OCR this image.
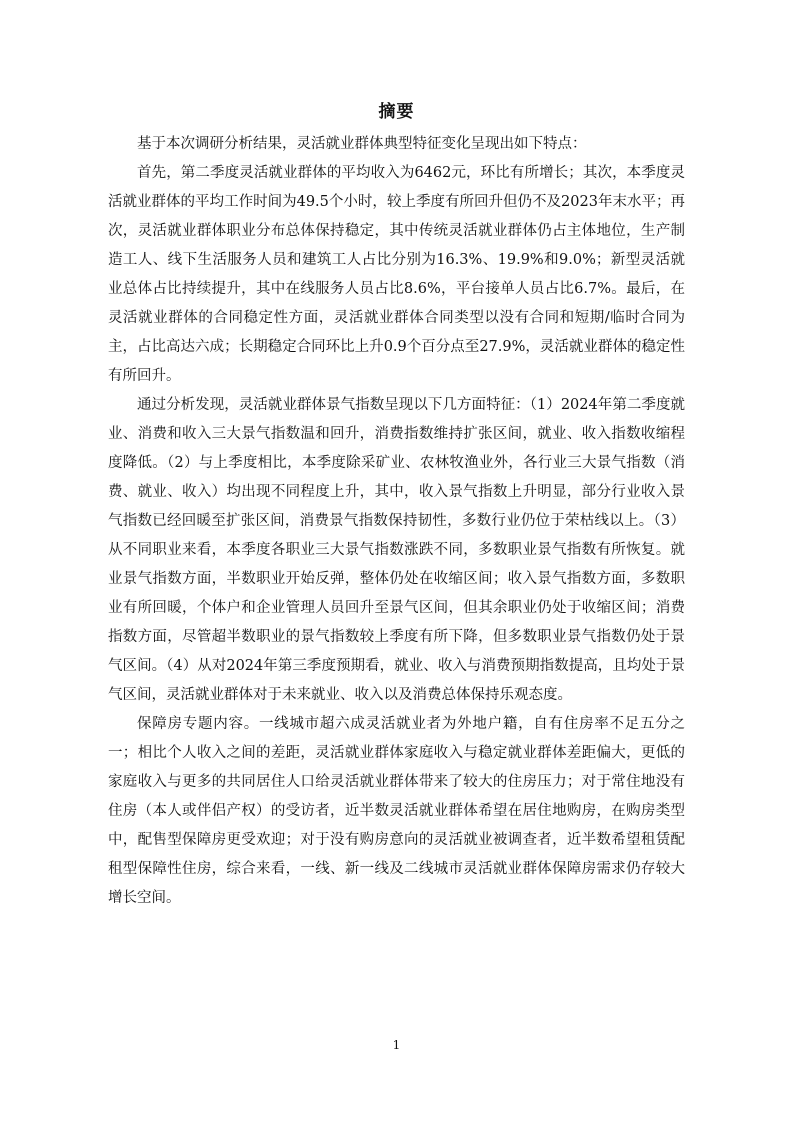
摘要

基于本次调研分析结果，灵活就业群体典型特征变化呈现出如下特点：

首先，第二季度灵活就业群体的平均收入为6462元，环比有所增长；其次，本季度灵活就业群体的平均工作时间为49.5个小时，较上季度有所回升但仍不及2023年末水平；再次，灵活就业群体职业分布总体保持稳定，其中传统灵活就业群体仍占主体地位，生产制造工人、线下生活服务人员和建筑工人占比分别为16.3%、19.9%和9.0%；新型灵活就业总体占比持续提升，其中在线服务人员占比8.6%，平台接单人员占比6.7%。最后，在灵活就业群体的合同稳定性方面，灵活就业群体合同类型以没有合同和短期/临时合同为主，占比高达六成；长期稳定合同环比上升0.9个百分点至27.9%，灵活就业群体的稳定性有所回升。

通过分析发现，灵活就业群体景气指数呈现以下几方面特征：（1）2024年第二季度就业、消费和收入三大景气指数温和回升，消费指数维持扩张区间，就业、收入指数收缩程度降低。（2）与上季度相比，本季度除采矿业、农林牧渔业外，各行业三大景气指数（消费、就业、收入）均出现不同程度上升，其中，收入景气指数上升明显，部分行业收入景气指数已经回暖至扩张区间，消费景气指数保持韧性，多数行业仍位于荣枯线以上。（3）从不同职业来看，本季度各职业三大景气指数涨跌不同，多数职业景气指数有所恢复。就业景气指数方面，半数职业开始反弹，整体仍处在收缩区间；收入景气指数方面，多数职业有所回暖，个体户和企业管理人员回升至景气区间，但其余职业仍处于收缩区间；消费指数方面，尽管超半数职业的景气指数较上季度有所下降，但多数职业景气指数仍处于景气区间。（4）从对2024年第三季度预期看，就业、收入与消费预期指数提高，且均处于景气区间，灵活就业群体对于未来就业、收入以及消费总体保持乐观态度。

保障房专题内容。一线城市超六成灵活就业者为外地户籍，自有住房率不足五分之一；相比个人收入之间的差距，灵活就业群体家庭收入与稳定就业群体差距偏大，更低的家庭收入与更多的共同居住人口给灵活就业群体带来了较大的住房压力；对于常住地没有住房（本人或伴侣产权）的受访者，近半数灵活就业群体希望在居住地购房，在购房类型中，配售型保障房更受欢迎；对于没有购房意向的灵活就业被调查者，近半数希望租赁配租型保障性住房，综合来看，一线、新一线及二线城市灵活就业群体保障房需求仍存较大增长空间。

1
